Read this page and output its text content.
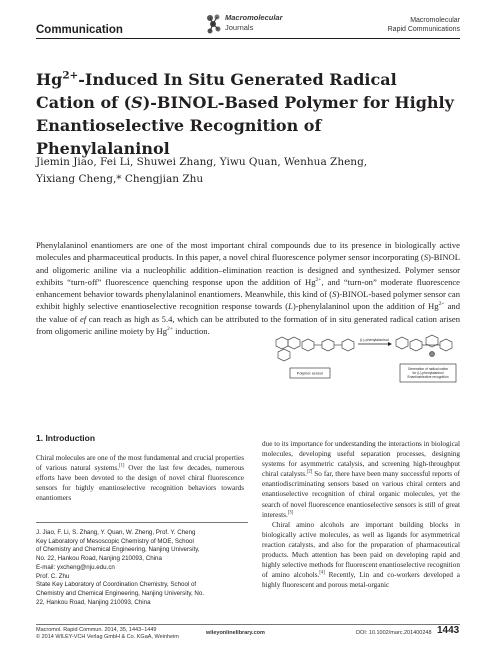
Communication
Macromolecular
Journals
Macromolecular
Rapid Communications
$Hg^{2+}$-Induced In Situ Generated Radical Cation of (S)-BINOL-Based Polymer for Highly Enantioselective Recognition of Phenylalaninol
Jiemin Jiao, Fei Li, Shuwei Zhang, Yiwu Quan, Wenhua Zheng,
Yixiang Cheng,* Chengjian Zhu

Phenylalaninol enantiomers are one of the most important chiral compounds due to its presence in biologically active molecules and pharmaceutical products. In this paper, a novel chiral fluorescence polymer sensor incorporating (S)-BINOL and oligomeric aniline via a nucleophilic addition–elimination reaction is designed and synthesized. Polymer sensor exhibits “turn-off” fluorescence quenching response upon the addition of $Hg^{2+}$, and “turn-on” moderate fluorescence enhancement behavior towards phenylalaninol enantiomers. Meanwhile, this kind of (S)-BINOL-based polymer sensor can exhibit highly selective enantioselective recognition response towards (L)-phenylalaninol upon the addition of $Hg^{2+}$ and the value of ef can reach as high as 5.4, which can be attributed to the formation of in situ generated radical cation arisen from oligomeric aniline moiety by $Hg^{2+}$ induction.

(L)-phenylalaninol
Polymer sensor
Generation of radical cation
for (L)-phenylalaninol
Enantioselective recognition
1. Introduction

Chiral molecules are one of the most fundamental and crucial properties of various natural systems.[1] Over the last few decades, numerous efforts have been devoted to the design of novel chiral fluorescence sensors for highly enantioselective recognition behaviors towards enantiomers

J. Jiao, F. Li, S. Zhang, Y. Quan, W. Zheng, Prof. Y. Cheng
Key Laboratory of Mesoscopic Chemistry of MOE, School
of Chemistry and Chemical Engineering, Nanjing University,
No. 22, Hankou Road, Nanjing 210093, China
E-mail: yxcheng@nju.edu.cn
Prof. C. Zhu
State Key Laboratory of Coordination Chemistry, School of
Chemistry and Chemical Engineering, Nanjing University, No.
22, Hankou Road, Nanjing 210093, China

due to its importance for understanding the interactions in biological molecules, developing useful separation processes, designing systems for asymmetric catalysis, and screening high-throughput chiral catalysts.[2] So far, there have been many successful reports of enantiodiscriminating sensors based on various chiral centers and enantioselective recognition of chiral organic molecules, yet the search of novel fluorescence enantioselective sensors is still of great interests.[3]

Chiral amino alcohols are important building blocks in biologically active molecules, as well as ligands for asymmetrical reaction catalysts, and also for the preparation of pharmaceutical products. Much attention has been paid on developing rapid and highly selective methods for fluorescent enantioselective recognition of amino alcohols.[4] Recently, Lin and co-workers developed a highly fluorescent and porous metal-organic

Macromol. Rapid Commun. 2014, 35, 1443–1449
© 2014 WILEY-VCH Verlag GmbH & Co. KGaA, Weinheim
wileyonlinelibrary.com	DOI: 10.1002/marc.201400248 1443
